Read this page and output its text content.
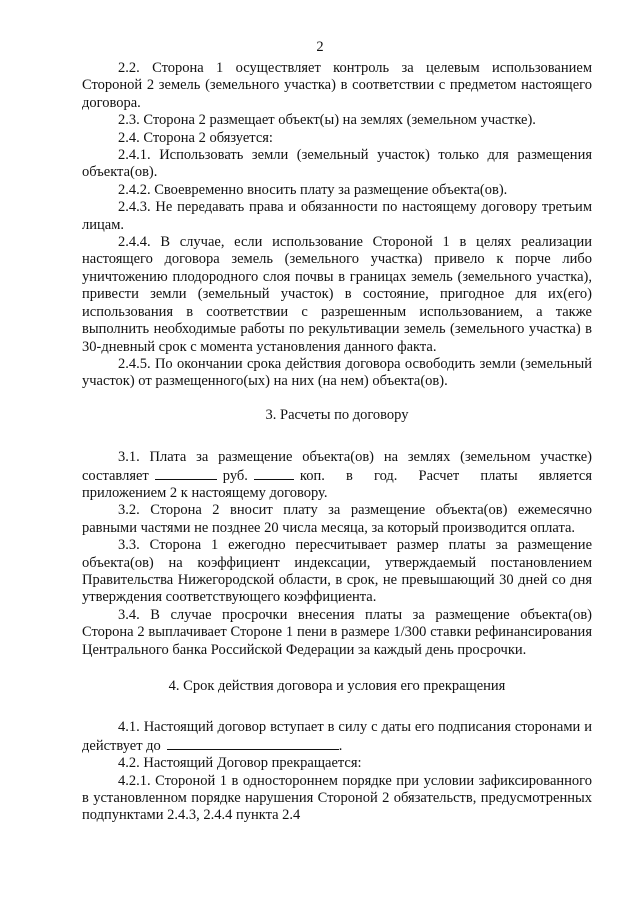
2

2.2. Сторона 1 осуществляет контроль за целевым использованием Стороной 2 земель (земельного участка) в соответствии с предметом настоящего договора.

2.3. Сторона 2 размещает объект(ы) на землях (земельном участке).

2.4. Сторона 2 обязуется:

2.4.1. Использовать земли (земельный участок) только для размещения объекта(ов).

2.4.2. Своевременно вносить плату за размещение объекта(ов).

2.4.3. Не передавать права и обязанности по настоящему договору третьим лицам.

2.4.4. В случае, если использование Стороной 1 в целях реализации настоящего договора земель (земельного участка) привело к порче либо уничтожению плодородного слоя почвы в границах земель (земельного участка), привести земли (земельный участок) в состояние, пригодное для их(его) использования в соответствии с разрешенным использованием, а также выполнить необходимые работы по рекультивации земель (земельного участка) в 30-дневный срок с момента установления данного факта.

2.4.5. По окончании срока действия договора освободить земли (земельный участок) от размещенного(ых) на них (на нем) объекта(ов).

3. Расчеты по договору

3.1. Плата за размещение объекта(ов) на землях (земельном участке) составляет	руб.	коп. в год. Расчет платы является приложением 2 к настоящему договору.

3.2. Сторона 2 вносит плату за размещение объекта(ов) ежемесячно равными частями не позднее 20 числа месяца, за который производится оплата.

3.3. Сторона 1 ежегодно пересчитывает размер платы за размещение объекта(ов) на коэффициент индексации, утверждаемый постановлением Правительства Нижегородской области, в срок, не превышающий 30 дней со дня утверждения соответствующего коэффициента.

3.4. В случае просрочки внесения платы за размещение объекта(ов) Сторона 2 выплачивает Стороне 1 пени в размере 1/300 ставки рефинансирования Центрального банка Российской Федерации за каждый день просрочки.

4. Срок действия договора и условия его прекращения

4.1. Настоящий договор вступает в силу с даты его подписания сторонами и действует до	.

4.2. Настоящий Договор прекращается:

4.2.1. Стороной 1 в одностороннем порядке при условии зафиксированного в установленном порядке нарушения Стороной 2 обязательств, предусмотренных подпунктами 2.4.3, 2.4.4 пункта 2.4
